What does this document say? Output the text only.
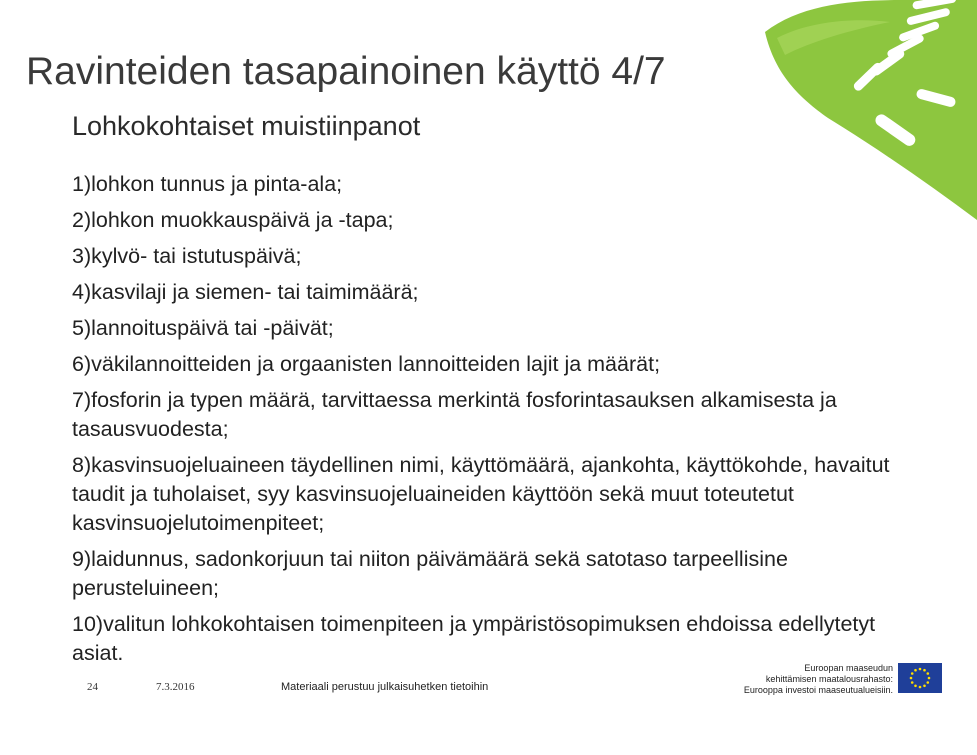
Ravinteiden tasapainoinen käyttö 4/7
Lohkokohtaiset muistiinpanot
1)lohkon tunnus ja pinta-ala;
2)lohkon muokkauspäivä ja -tapa;
3)kylvö- tai istutuspäivä;
4)kasvilaji ja siemen- tai taimimäärä;
5)lannoituspäivä tai -päivät;
6)väkilannoitteiden ja orgaanisten lannoitteiden lajit ja määrät;
7)fosforin ja typen määrä, tarvittaessa merkintä fosforintasauksen alkamisesta ja tasausvuodesta;
8)kasvinsuojeluaineen täydellinen nimi, käyttömäärä, ajankohta, käyttökohde, havaitut taudit ja tuholaiset, syy kasvinsuojeluaineiden käyttöön sekä muut toteutetut kasvinsuojelutoimenpiteet;
9)laidunnus, sadonkorjuun tai niiton päivämäärä sekä satotaso tarpeellisine perusteluineen;
10)valitun lohkokohtaisen toimenpiteen ja ympäristösopimuksen ehdoissa edellytetyt asiat.
24	7.3.2016	Materiaali perustuu julkaisuhetken tietoihin
Euroopan maaseudun
kehittämisen maatalousrahasto:
Eurooppa investoi maaseutualueisiin.
